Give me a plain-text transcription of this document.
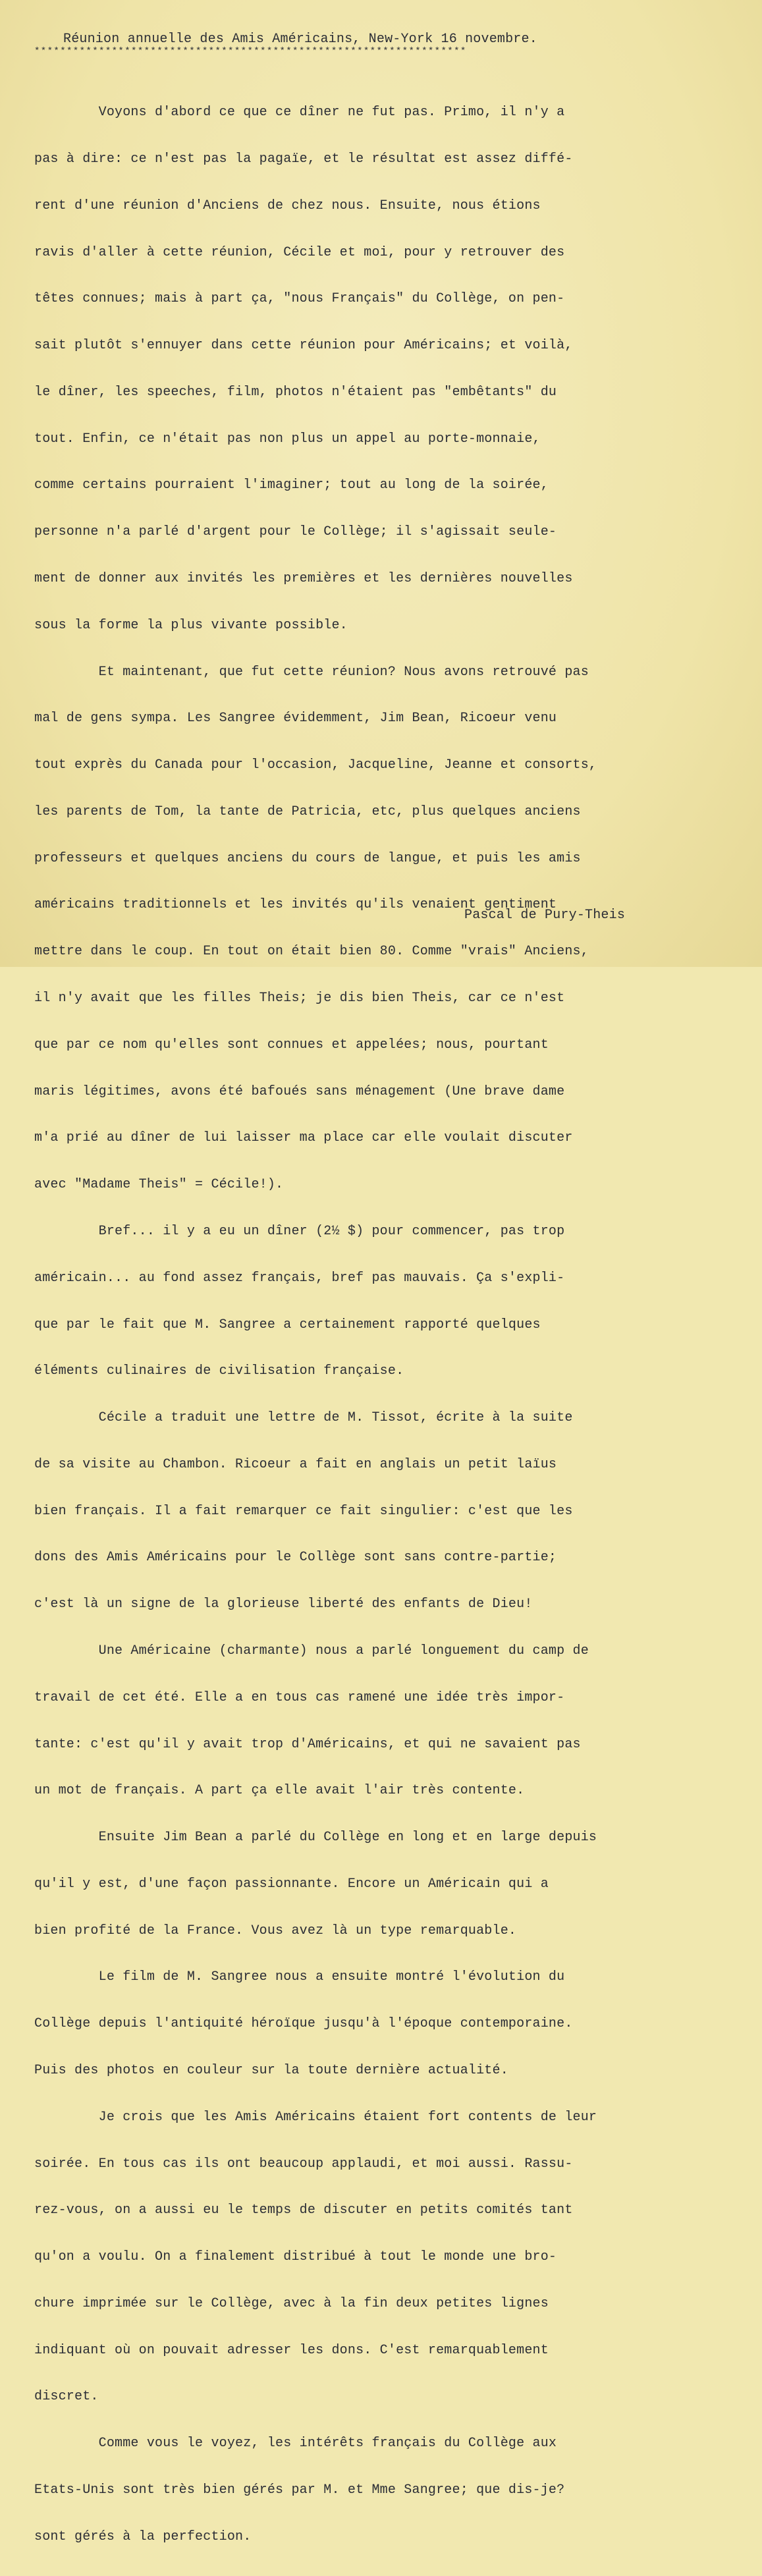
Réunion annuelle des Amis Américains, New-York 16 novembre.
*******************************************************************

Voyons d'abord ce que ce dîner ne fut pas. Primo, il n'y a

pas à dire: ce n'est pas la pagaïe, et le résultat est assez diffé-

rent d'une réunion d'Anciens de chez nous. Ensuite, nous étions

ravis d'aller à cette réunion, Cécile et moi, pour y retrouver des

têtes connues; mais à part ça, "nous Français" du Collège, on pen-

sait plutôt s'ennuyer dans cette réunion pour Américains; et voilà,

le dîner, les speeches, film, photos n'étaient pas "embêtants" du

tout. Enfin, ce n'était pas non plus un appel au porte-monnaie,

comme certains pourraient l'imaginer; tout au long de la soirée,

personne n'a parlé d'argent pour le Collège; il s'agissait seule-

ment de donner aux invités les premières et les dernières nouvelles

sous la forme la plus vivante possible.

Et maintenant, que fut cette réunion? Nous avons retrouvé pas

mal de gens sympa. Les Sangree évidemment, Jim Bean, Ricoeur venu

tout exprès du Canada pour l'occasion, Jacqueline, Jeanne et consorts,

les parents de Tom, la tante de Patricia, etc, plus quelques anciens

professeurs et quelques anciens du cours de langue, et puis les amis

américains traditionnels et les invités qu'ils venaient gentiment

mettre dans le coup. En tout on était bien 80. Comme "vrais" Anciens,

il n'y avait que les filles Theis; je dis bien Theis, car ce n'est

que par ce nom qu'elles sont connues et appelées; nous, pourtant

maris légitimes, avons été bafoués sans ménagement (Une brave dame

m'a prié au dîner de lui laisser ma place car elle voulait discuter

avec "Madame Theis" = Cécile!).

Bref... il y a eu un dîner (2½ $) pour commencer, pas trop

américain... au fond assez français, bref pas mauvais. Ça s'expli-

que par le fait que M. Sangree a certainement rapporté quelques

éléments culinaires de civilisation française.

Cécile a traduit une lettre de M. Tissot, écrite à la suite

de sa visite au Chambon. Ricoeur a fait en anglais un petit laïus

bien français. Il a fait remarquer ce fait singulier: c'est que les

dons des Amis Américains pour le Collège sont sans contre-partie;

c'est là un signe de la glorieuse liberté des enfants de Dieu!

Une Américaine (charmante) nous a parlé longuement du camp de

travail de cet été. Elle a en tous cas ramené une idée très impor-

tante: c'est qu'il y avait trop d'Américains, et qui ne savaient pas

un mot de français. A part ça elle avait l'air très contente.

Ensuite Jim Bean a parlé du Collège en long et en large depuis

qu'il y est, d'une façon passionnante. Encore un Américain qui a

bien profité de la France. Vous avez là un type remarquable.

Le film de M. Sangree nous a ensuite montré l'évolution du

Collège depuis l'antiquité héroïque jusqu'à l'époque contemporaine.

Puis des photos en couleur sur la toute dernière actualité.

Je crois que les Amis Américains étaient fort contents de leur

soirée. En tous cas ils ont beaucoup applaudi, et moi aussi. Rassu-

rez-vous, on a aussi eu le temps de discuter en petits comités tant

qu'on a voulu. On a finalement distribué à tout le monde une bro-

chure imprimée sur le Collège, avec à la fin deux petites lignes

indiquant où on pouvait adresser les dons. C'est remarquablement

discret.

Comme vous le voyez, les intérêts français du Collège aux

Etats-Unis sont très bien gérés par M. et Mme Sangree; que dis-je?

sont gérés à la perfection.

Pascal de Pury-Theis
